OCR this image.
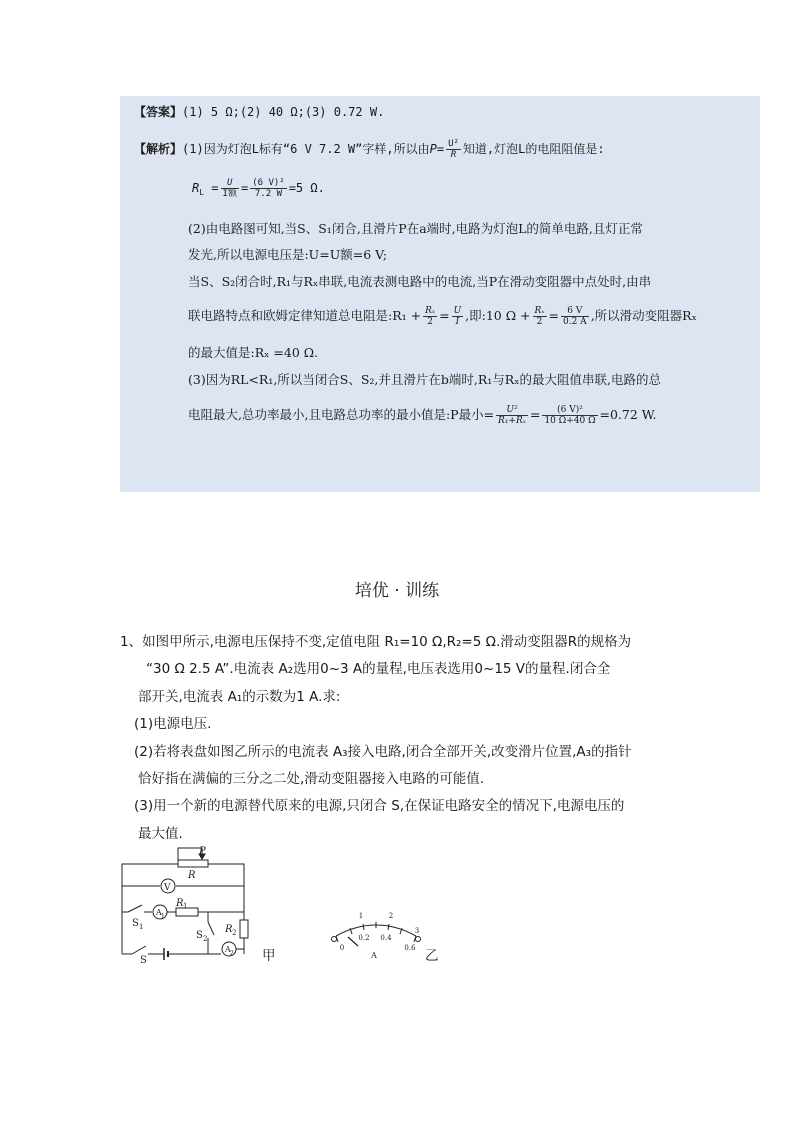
【答案】(1) 5 Ω;(2) 40 Ω;(3) 0.72 W.
【解析】(1)因为灯泡L标有“6 V 7.2 W”字样,所以由$P= \frac{\text{U²}}{R}$ 知道,灯泡L的电阻阻值是:
$R_L = \frac{U}{\text{I额}} = \frac{\text{(6 V)²}}{7.2 W} =5$ Ω.
(2)由电路图可知,当S、S₁闭合,且滑片P在a端时,电路为灯泡L的简单电路,且灯正常
发光,所以电源电压是:U=U额=6 V;
当S、S₂闭合时,R₁与Rₓ串联,电流表测电路中的电流,当P在滑动变阻器中点处时,由串
联电路特点和欧姆定律知道总电阻是:R₁ + $\frac{\text{Rₓ}}{2} = \frac{U}{I}$ ,即:10 $\Omega + \frac{\text{Rₓ}}{2} = \frac{6 V}{0.2 A}$ ,所以滑动变阻器Rₓ
的最大值是:Rₓ =40 Ω.
(3)因为RL<R₁,所以当闭合S、S₂,并且滑片在b端时,R₁与Rₓ的最大阻值串联,电路的总
电阻最大,总功率最小,且电路总功率的最小值是:P最小= $\frac{\text{U²}}{\text{R₁+Rₓ}} = \frac{\text{(6 V)²}}{10 \Omega+40 \Omega} =0.72$ W.
培优 · 训练
1、如图甲所示,电源电压保持不变,定值电阻 R₁=10 Ω,R₂=5 Ω.滑动变阻器R的规格为
“30 Ω 2.5 A”.电流表 A₂选用0~3 A的量程,电压表选用0~15 V的量程.闭合全
部开关,电流表 A₁的示数为1 A.求:
(1)电源电压.
(2)若将表盘如图乙所示的电流表 A₃接入电路,闭合全部开关,改变滑片位置,A₃的指针
恰好指在满偏的三分之二处,滑动变阻器接入电路的可能值.
(3)用一个新的电源替代原来的电源,只闭合 S,在保证电路安全的情况下,电源电压的
最大值.
P
R
V
A 1
R 1
S 1
S 2
R 2
A 2
S	甲
1	2
0
0.2 0.4
0.6
3
A	乙
